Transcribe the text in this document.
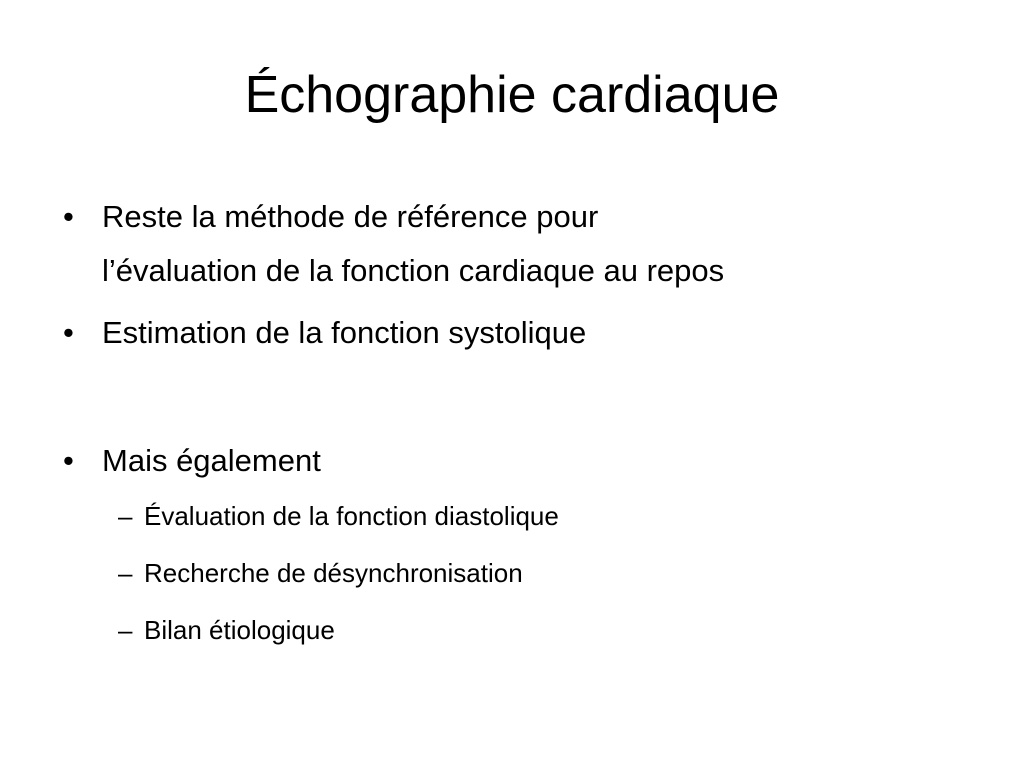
Échographie cardiaque
• Reste la méthode de référence pour
l’évaluation de la fonction cardiaque au repos
• Estimation de la fonction systolique
• Mais également
– Évaluation de la fonction diastolique
– Recherche de désynchronisation
– Bilan étiologique
